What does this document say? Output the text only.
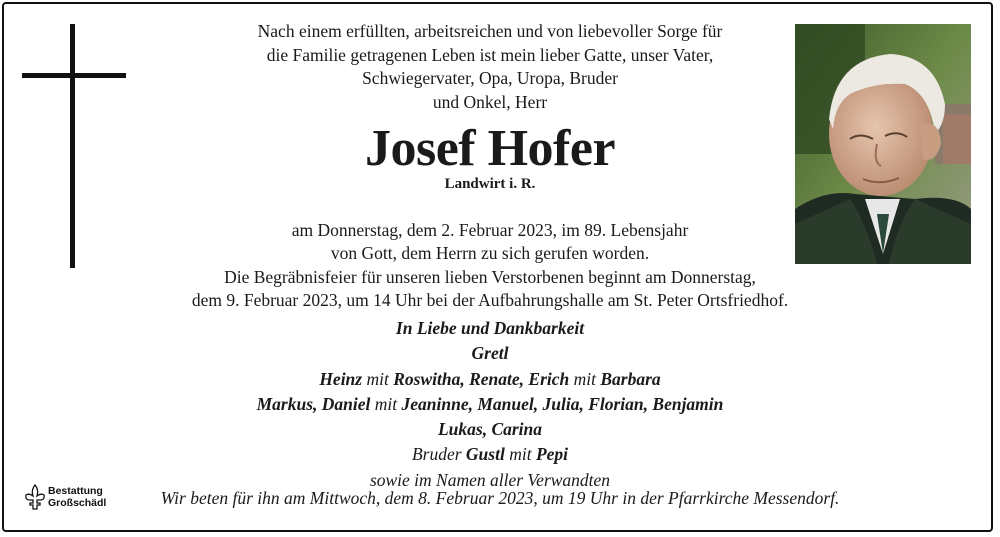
Nach einem erfüllten, arbeitsreichen und von liebevoller Sorge für
die Familie getragenen Leben ist mein lieber Gatte, unser Vater,
Schwiegervater, Opa, Uropa, Bruder
und Onkel, Herr
Josef Hofer
Landwirt i. R.
am Donnerstag, dem 2. Februar 2023, im 89. Lebensjahr
von Gott, dem Herrn zu sich gerufen worden.
Die Begräbnisfeier für unseren lieben Verstorbenen beginnt am Donnerstag,
dem 9. Februar 2023, um 14 Uhr bei der Aufbahrungshalle am St. Peter Ortsfriedhof.
In Liebe und Dankbarkeit
Gretl
Heinz mit Roswitha, Renate, Erich mit Barbara
Markus, Daniel mit Jeaninne, Manuel, Julia, Florian, Benjamin
Lukas, Carina
Bruder Gustl mit Pepi
sowie im Namen aller Verwandten
Wir beten für ihn am Mittwoch, dem 8. Februar 2023, um 19 Uhr in der Pfarrkirche Messendorf.
Bestattung
Großschädl
